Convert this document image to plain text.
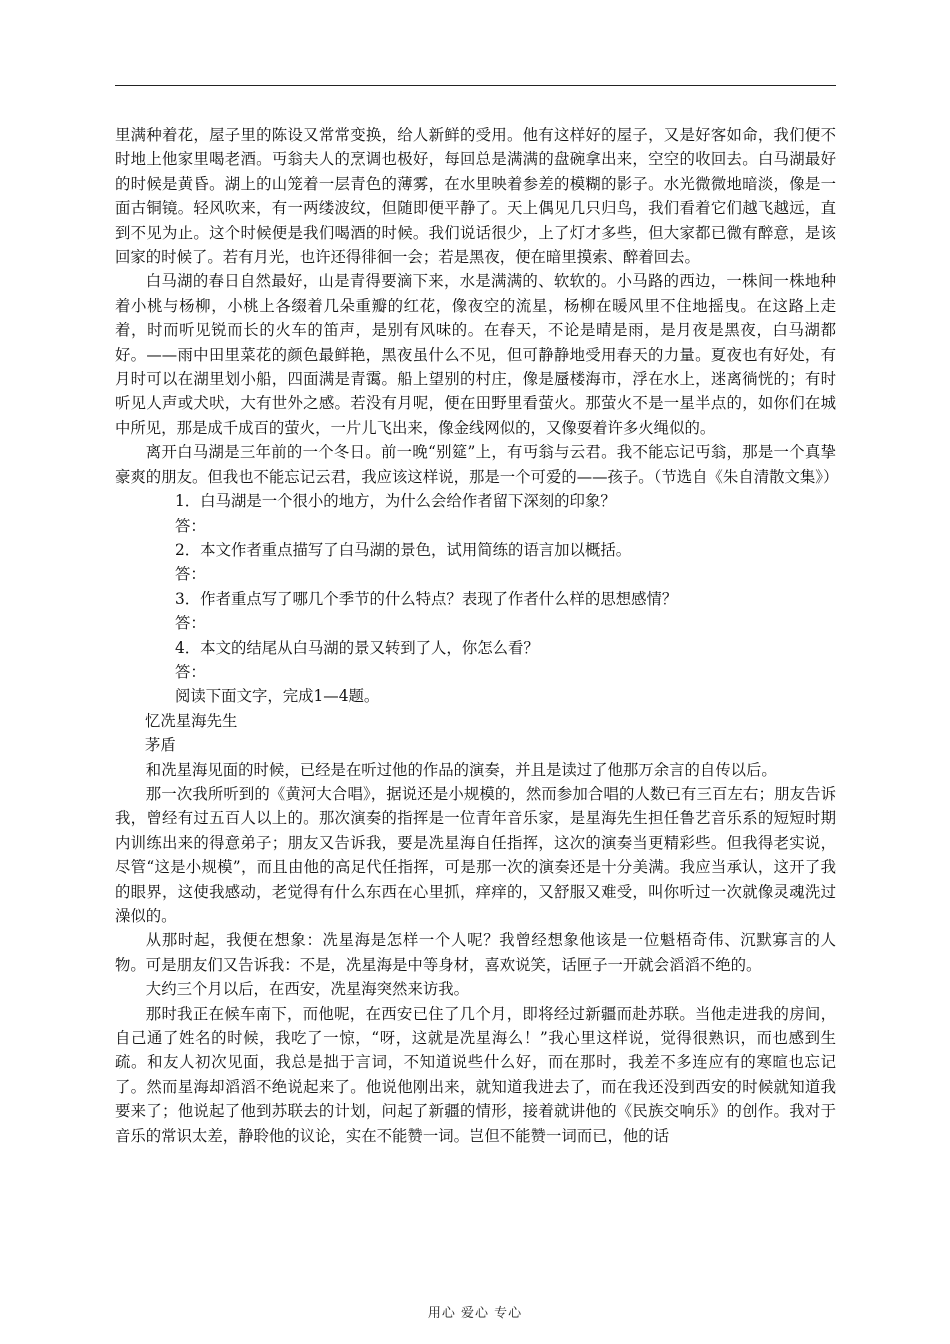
里满种着花，屋子里的陈设又常常变换，给人新鲜的受用。他有这样好的屋子，又是好客如命，我们便不时地上他家里喝老酒。丏翁夫人的烹调也极好，每回总是满满的盘碗拿出来，空空的收回去。白马湖最好的时候是黄昏。湖上的山笼着一层青色的薄雾，在水里映着参差的模糊的影子。水光微微地暗淡，像是一面古铜镜。轻风吹来，有一两缕波纹，但随即便平静了。天上偶见几只归鸟，我们看着它们越飞越远，直到不见为止。这个时候便是我们喝酒的时候。我们说话很少，上了灯才多些，但大家都已微有醉意，是该回家的时候了。若有月光，也许还得徘徊一会；若是黑夜，便在暗里摸索、醉着回去。

白马湖的春日自然最好，山是青得要滴下来，水是满满的、软软的。小马路的西边，一株间一株地种着小桃与杨柳，小桃上各缀着几朵重瓣的红花，像夜空的流星，杨柳在暖风里不住地摇曳。在这路上走着，时而听见锐而长的火车的笛声，是别有风味的。在春天，不论是晴是雨，是月夜是黑夜，白马湖都好。——雨中田里菜花的颜色最鲜艳，黑夜虽什么不见，但可静静地受用春天的力量。夏夜也有好处，有月时可以在湖里划小船，四面满是青霭。船上望别的村庄，像是蜃楼海市，浮在水上，迷离徜恍的；有时听见人声或犬吠，大有世外之感。若没有月呢，便在田野里看萤火。那萤火不是一星半点的，如你们在城中所见，那是成千成百的萤火，一片儿飞出来，像金线网似的，又像耍着许多火绳似的。

离开白马湖是三年前的一个冬日。前一晚“别筵”上，有丏翁与云君。我不能忘记丏翁，那是一个真挚豪爽的朋友。但我也不能忘记云君，我应该这样说，那是一个可爱的——孩子。（节选自《朱自清散文集》）

1．白马湖是一个很小的地方，为什么会给作者留下深刻的印象？

答：

2．本文作者重点描写了白马湖的景色，试用简练的语言加以概括。

答：

3．作者重点写了哪几个季节的什么特点？表现了作者什么样的思想感情？

答：

4．本文的结尾从白马湖的景又转到了人，你怎么看？

答：

阅读下面文字，完成1—4题。

忆冼星海先生

茅盾

和冼星海见面的时候，已经是在听过他的作品的演奏，并且是读过了他那万余言的自传以后。

那一次我所听到的《黄河大合唱》，据说还是小规模的，然而参加合唱的人数已有三百左右；朋友告诉我，曾经有过五百人以上的。那次演奏的指挥是一位青年音乐家，是星海先生担任鲁艺音乐系的短短时期内训练出来的得意弟子；朋友又告诉我，要是冼星海自任指挥，这次的演奏当更精彩些。但我得老实说，尽管“这是小规模”，而且由他的高足代任指挥，可是那一次的演奏还是十分美满。我应当承认，这开了我的眼界，这使我感动，老觉得有什么东西在心里抓，痒痒的，又舒服又难受，叫你听过一次就像灵魂洗过澡似的。

从那时起，我便在想象：冼星海是怎样一个人呢？我曾经想象他该是一位魁梧奇伟、沉默寡言的人物。可是朋友们又告诉我：不是，冼星海是中等身材，喜欢说笑，话匣子一开就会滔滔不绝的。

大约三个月以后，在西安，冼星海突然来访我。

那时我正在候车南下，而他呢，在西安已住了几个月，即将经过新疆而赴苏联。当他走进我的房间，自己通了姓名的时候，我吃了一惊，“呀，这就是冼星海么！”我心里这样说，觉得很熟识，而也感到生疏。和友人初次见面，我总是拙于言词，不知道说些什么好，而在那时，我差不多连应有的寒暄也忘记了。然而星海却滔滔不绝说起来了。他说他刚出来，就知道我进去了，而在我还没到西安的时候就知道我要来了；他说起了他到苏联去的计划，问起了新疆的情形，接着就讲他的《民族交响乐》的创作。我对于音乐的常识太差，静聆他的议论，实在不能赞一词。岂但不能赞一词而已，他的话

用心 爱心 专心
